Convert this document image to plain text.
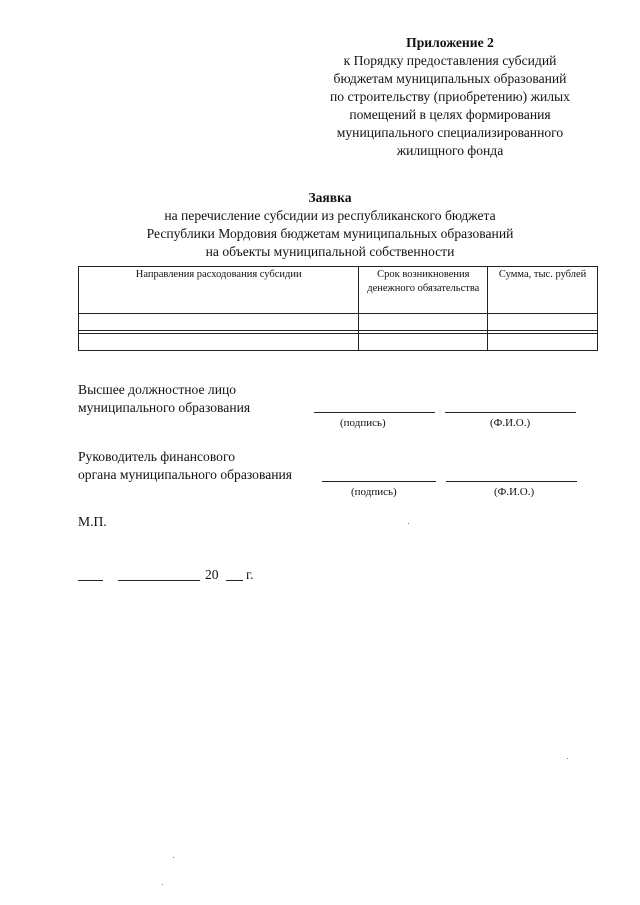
Приложение 2
к Порядку предоставления субсидий
бюджетам муниципальных образований
по строительству (приобретению) жилых
помещений в целях формирования
муниципального специализированного
жилищного фонда
Заявка
на перечисление субсидии из республиканского бюджета
Республики Мордовия бюджетам муниципальных образований
на объекты муниципальной собственности
Направления расходования субсидии	Срок возникновения денежного обязательства	Сумма, тыс. рублей

Высшее должностное лицо
муниципального образования
(подпись)	(Ф.И.О.)
Руководитель финансового
органа муниципального образования
(подпись)	(Ф.И.О.)
М.П.
20 г.
